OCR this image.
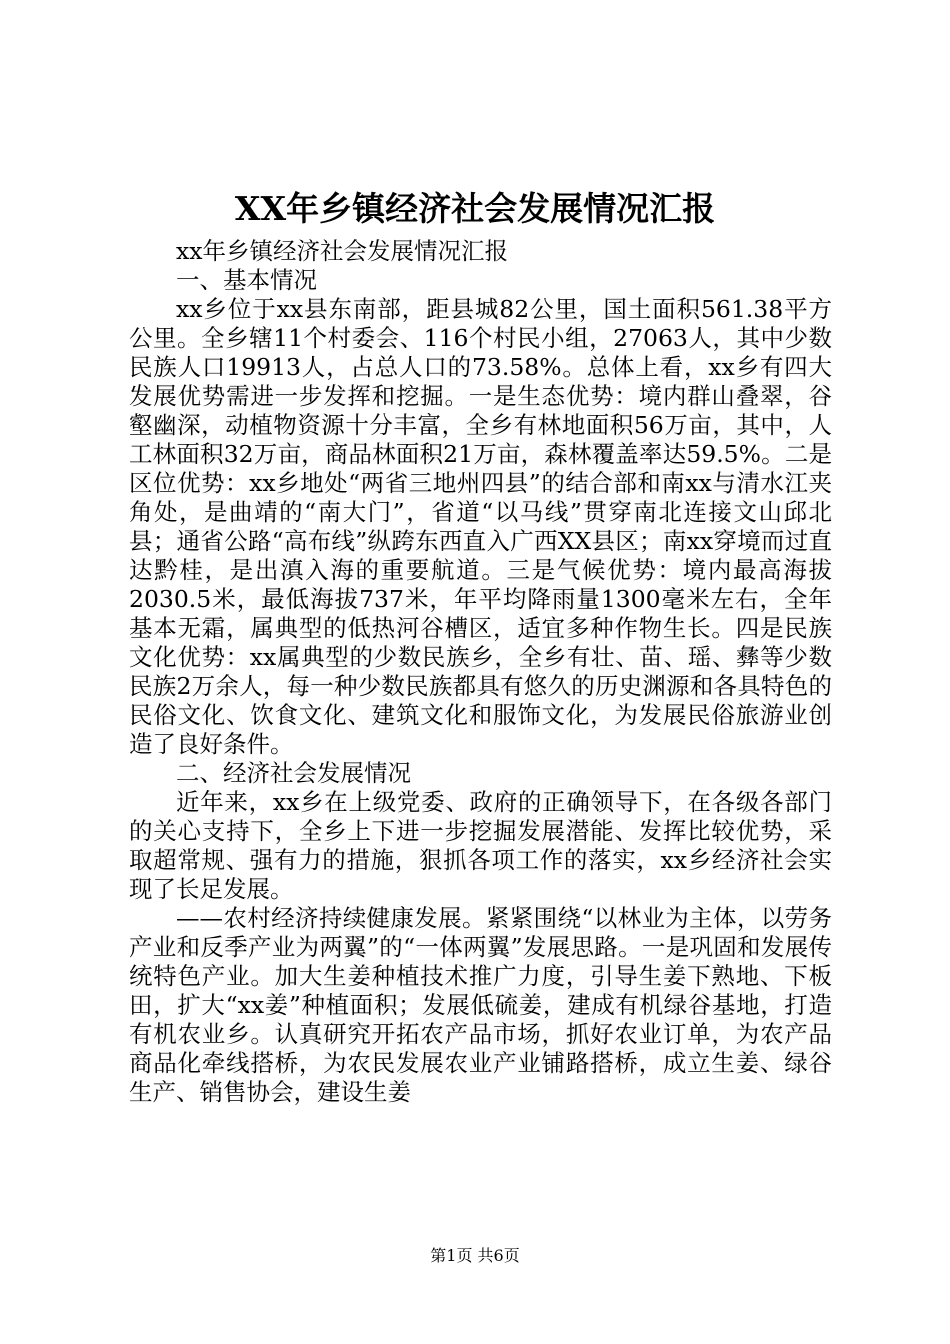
XX年乡镇经济社会发展情况汇报

xx年乡镇经济社会发展情况汇报

一、基本情况

xx乡位于xx县东南部，距县城82公里，国土面积561.38平方公里。全乡辖11个村委会、116个村民小组，27063人，其中少数民族人口19913人，占总人口的73.58%。总体上看，xx乡有四大发展优势需进一步发挥和挖掘。一是生态优势：境内群山叠翠，谷壑幽深，动植物资源十分丰富，全乡有林地面积56万亩，其中，人工林面积32万亩，商品林面积21万亩，森林覆盖率达59.5%。二是区位优势：xx乡地处“两省三地州四县”的结合部和南xx与清水江夹角处，是曲靖的“南大门”，省道“以马线”贯穿南北连接文山邱北县；通省公路“高布线”纵跨东西直入广西XX县区；南xx穿境而过直达黔桂，是出滇入海的重要航道。三是气候优势：境内最高海拔2030.5米，最低海拔737米，年平均降雨量1300毫米左右，全年基本无霜，属典型的低热河谷槽区，适宜多种作物生长。四是民族文化优势：xx属典型的少数民族乡，全乡有壮、苗、瑶、彝等少数民族2万余人，每一种少数民族都具有悠久的历史渊源和各具特色的民俗文化、饮食文化、建筑文化和服饰文化，为发展民俗旅游业创造了良好条件。

二、经济社会发展情况

近年来，xx乡在上级党委、政府的正确领导下，在各级各部门的关心支持下，全乡上下进一步挖掘发展潜能、发挥比较优势，采取超常规、强有力的措施，狠抓各项工作的落实，xx乡经济社会实现了长足发展。

——农村经济持续健康发展。紧紧围绕“以林业为主体，以劳务产业和反季产业为两翼”的“一体两翼”发展思路。一是巩固和发展传统特色产业。加大生姜种植技术推广力度，引导生姜下熟地、下板田，扩大“xx姜”种植面积；发展低硫姜，建成有机绿谷基地，打造有机农业乡。认真研究开拓农产品市场，抓好农业订单，为农产品商品化牵线搭桥，为农民发展农业产业铺路搭桥，成立生姜、绿谷生产、销售协会，建设生姜

第1页 共6页
